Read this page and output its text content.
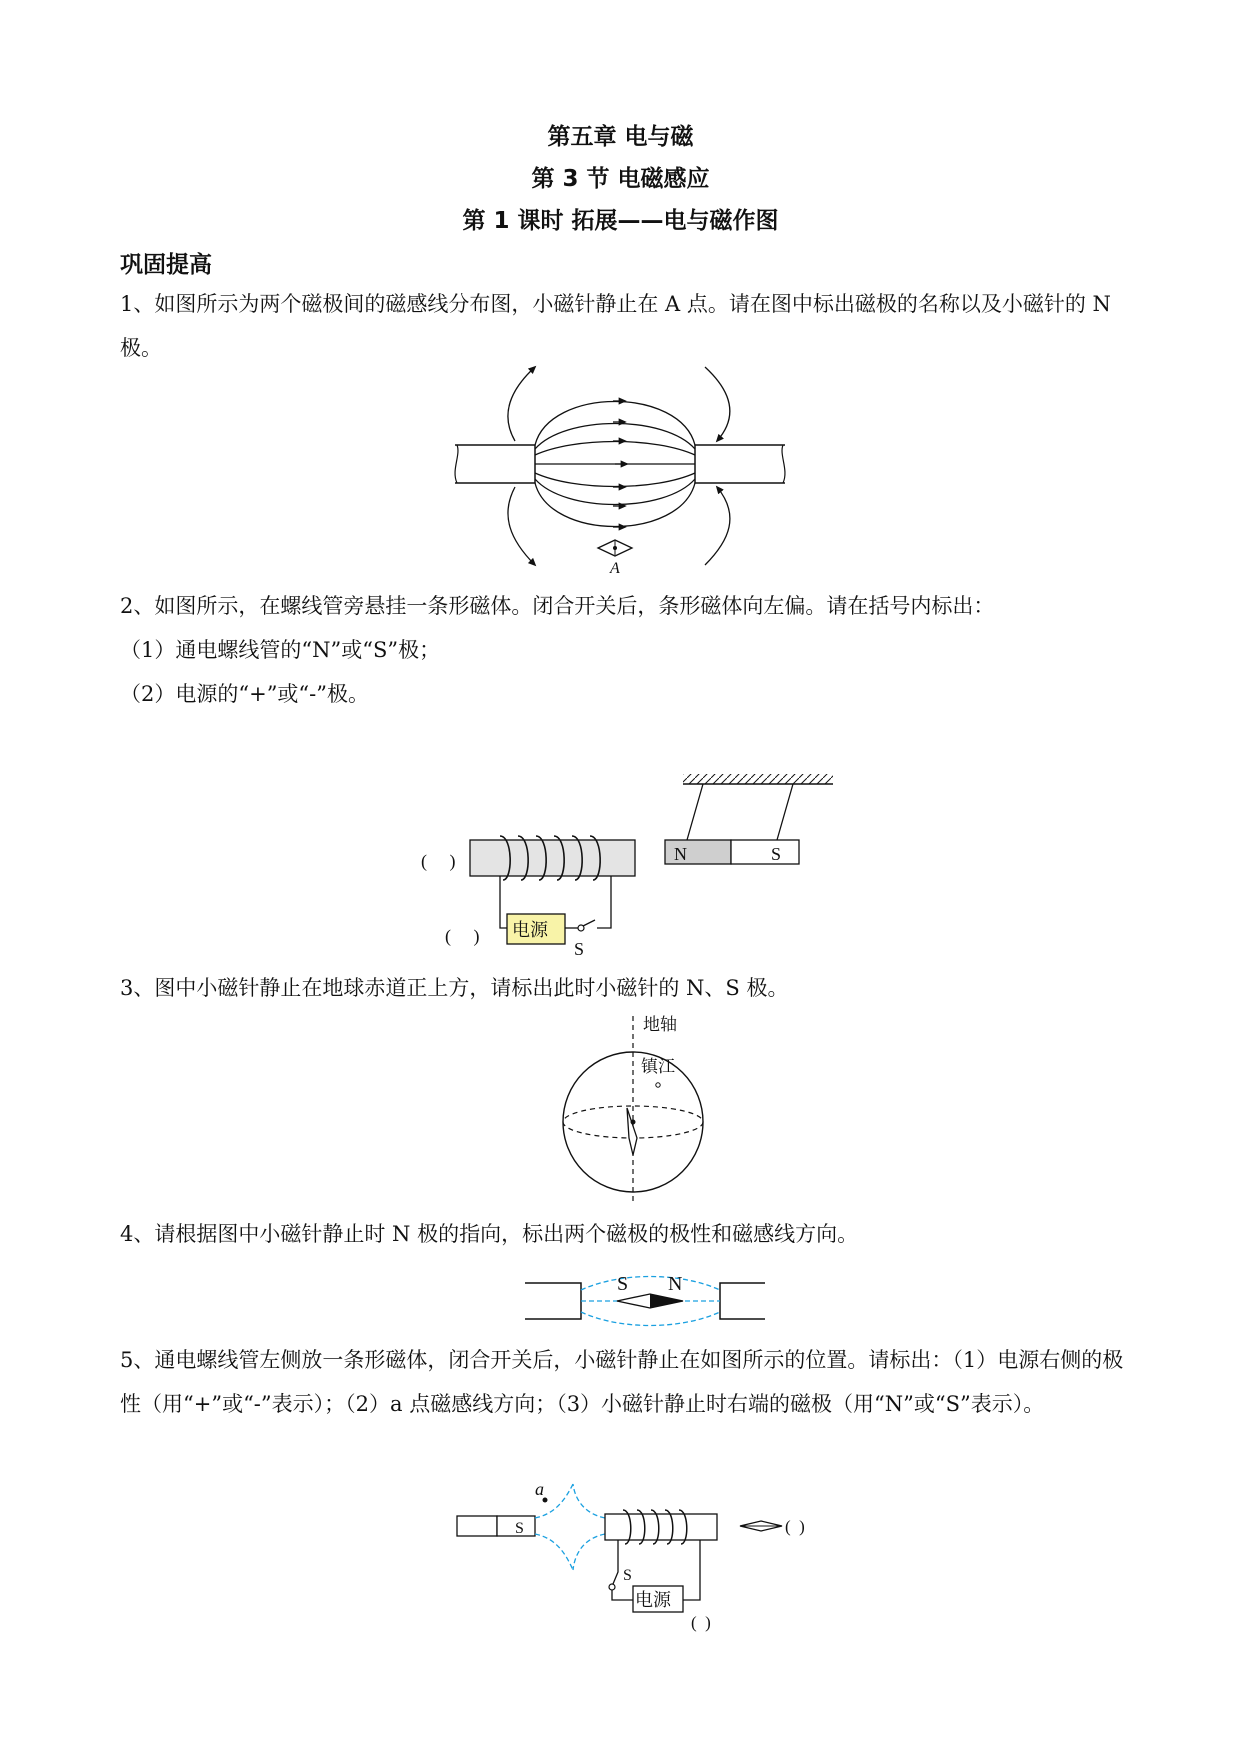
第五章 电与磁
第 3 节 电磁感应
第 1 课时 拓展——电与磁作图
巩固提高

1、如图所示为两个磁极间的磁感线分布图，小磁针静止在 A 点。请在图中标出磁极的名称以及小磁针的 N 极。

A

2、如图所示，在螺线管旁悬挂一条形磁体。闭合开关后，条形磁体向左偏。请在括号内标出：

（1）通电螺线管的“N”或“S”极；

（2）电源的“+”或“-”极。

N	S
电源
S
(     )
(     )

3、图中小磁针静止在地球赤道正上方，请标出此时小磁针的 N、S 极。

地轴
镇江

4、请根据图中小磁针静止时 N 极的指向，标出两个磁极的极性和磁感线方向。

S N

5、通电螺线管左侧放一条形磁体，闭合开关后，小磁针静止在如图所示的位置。请标出：（1）电源右侧的极性（用“+”或“-”表示）；（2）a 点磁感线方向；（3）小磁针静止时右端的磁极（用“N”或“S”表示）。

S
a
S
电源
(  )
(  )
